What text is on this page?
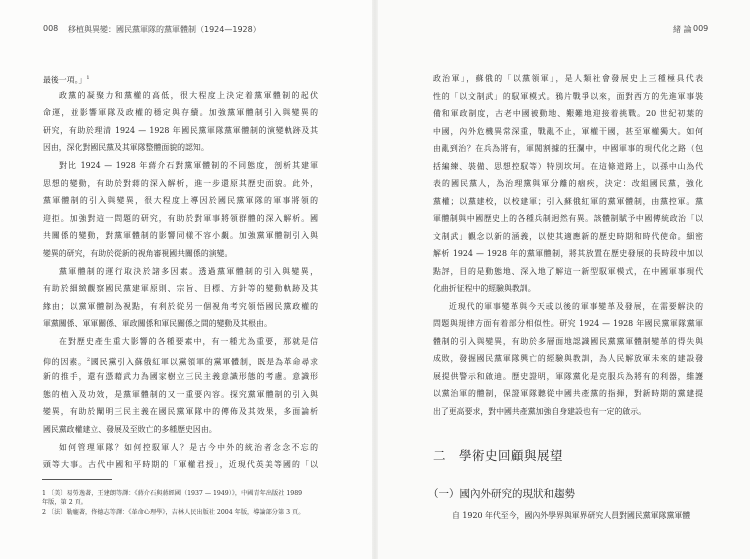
008 移植與異變：國民黨軍隊的黨軍體制（1924—1928）
最後一項。」$^1$
政黨的凝聚力和黨權的高低，很大程度上決定着黨軍體制的起伏
命運，並影響軍隊及政權的穩定與存續。加強黨軍體制引入與變異的
研究，有助於理清 1924 — 1928 年國民黨軍隊黨軍體制的演變軌跡及其
因由，深化對國民黨及其軍隊整體面貌的認知。
對比 1924 — 1928 年蔣介石對黨軍體制的不同態度，剖析其建軍
思想的變動，有助於對蔣的深入解析，進一步還原其歷史面貌。此外，
黨軍體制的引入與變異，很大程度上導因於國民黨軍隊的軍事將領的
迎拒。加強對這一問題的研究，有助於對軍事將領群體的深入解析。國
共關係的變動，對黨軍體制的影響同樣不容小覷。加強黨軍體制引入與
變異的研究，有助於從新的視角審視國共關係的演變。
黨軍體制的運行取決於諸多因素。透過黨軍體制的引入與變異，
有助於細緻觀察國民黨建軍原則、宗旨、目標、方針等的變動軌跡及其
緣由；以黨軍體制為視點，有利於從另一個視角考究領悟國民黨政權的
軍黨關係、軍軍關係、軍政關係和軍民關係之間的變動及其根由。
在對歷史產生重大影響的各種要素中，有一種尤為重要，那就是信
仰的因素。$^2$國民黨引入蘇俄紅軍以黨領軍的黨軍體制，既是為革命尋求
新的推手，還有憑藉武力為國家樹立三民主義意識形態的考慮。意識形
態的植入及功效，是黨軍體制的又一重要內容。探究黨軍體制的引入與
變異，有助於闡明三民主義在國民黨軍隊中的傳佈及其效果，多面論析
國民黨政權建立、發展及至敗亡的多種歷史因由。
如何管理軍隊？如何控馭軍人？是古今中外的統治者念念不忘的
頭等大事。古代中國和平時期的「軍權君授」，近現代英美等國的「以
1 〔美〕易勞逸著，王建朗等譯：《蔣介石與蔣經國（1937 — 1949）》，中國青年出版社 1989
年版，第 2 頁。
2 〔法〕勒龐著，佟德志等譯：《革命心理學》，吉林人民出版社 2004 年版，導論部分第 3 頁。
緒 論 009
政治軍」，蘇俄的「以黨領軍」，是人類社會發展史上三種極具代表
性的「以文制武」的馭軍模式。鴉片戰爭以來，面對西方的先進軍事裝
備和軍政制度，古老中國被動地、艱難地迎接着挑戰。20 世紀初葉的
中國，內外危機異常深重，戰亂不止，軍權干國，甚至軍權獨大。如何
由亂到治？在兵為將有，軍閥割據的狂瀾中，中國軍事的現代化之路（包
括編練、裝備、思想控馭等）特別坎坷。在這條道路上，以孫中山為代
表的國民黨人，為治理黨與軍分離的痼疾，決定：改組國民黨，強化
黨權；以黨建校，以校建軍；引入蘇俄紅軍的黨軍體制，由黨控軍。黨
軍體制與中國歷史上的各種兵制迥然有異。該體制賦予中國傳統政治「以
文制武」觀念以新的涵義，以使其適應新的歷史時期和時代使命。細密
解析 1924 — 1928 年的黨軍體制，將其放置在歷史發展的長時段中加以
點評，目的是動態地、深入地了解這一新型馭軍模式，在中國軍事現代
化曲折征程中的經驗與教訓。
近現代的軍事變革與今天或以後的軍事變革及發展，在需要解決的
問題與規律方面有着部分相似性。研究 1924 — 1928 年國民黨軍隊黨軍
體制的引入與變異，有助於多層面地認識國民黨黨軍體制變革的得失與
成敗，發掘國民黨軍隊興亡的經驗與教訓，為人民解放軍未來的建設發
展提供警示和啟迪。歷史證明，軍隊黨化是克服兵為將有的利器，維護
以黨治軍的體制，保證軍隊聽從中國共產黨的指揮，對新時期的黨建提
出了更高要求，對中國共產黨加強自身建設也有一定的啟示。
二　學術史回顧與展望
（一）國內外研究的現狀和趨勢
自 1920 年代至今，國內外學界與軍界研究人員對國民黨軍隊黨軍體
